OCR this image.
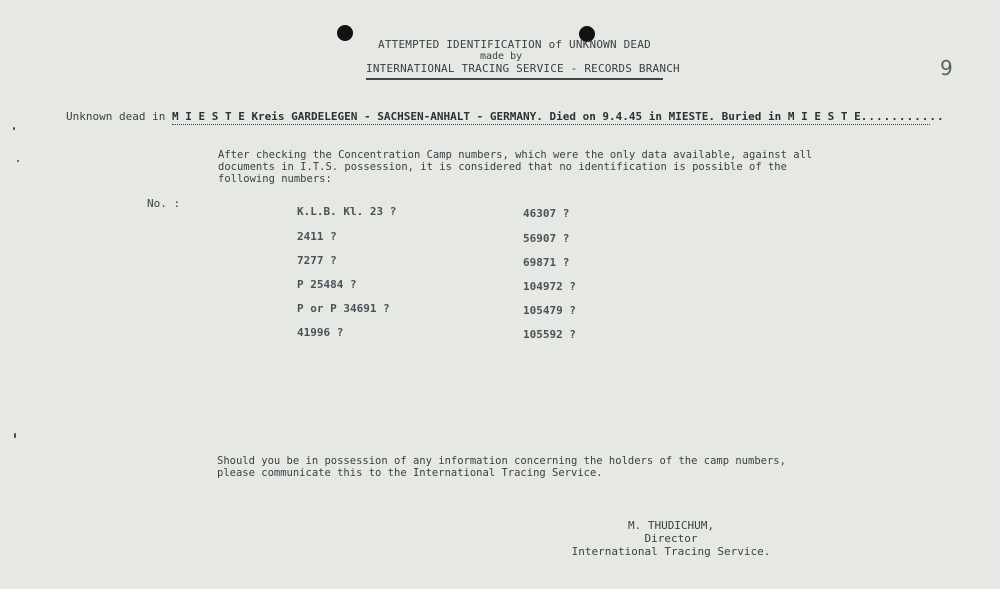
9
ATTEMPTED IDENTIFICATION of UNKNOWN DEAD
made by
INTERNATIONAL TRACING SERVICE - RECORDS BRANCH
Unknown dead in M I E S T E Kreis GARDELEGEN - SACHSEN-ANHALT - GERMANY. Died on 9.4.45 in MIESTE. Buried in M I E S T E...........
After checking the Concentration Camp numbers, which were the only data available, against all documents in I.T.S. possession, it is considered that no identification is possible of the following numbers:
No. :
K.L.B. Kl. 23 ?
2411 ?
7277 ?
P 25484 ?
P or P 34691 ?
41996 ?
46307 ?
56907 ?
69871 ?
104972 ?
105479 ?
105592 ?
Should you be in possession of any information concerning the holders of the camp numbers, please communicate this to the International Tracing Service.
M. THUDICHUM,
Director
International Tracing Service.
